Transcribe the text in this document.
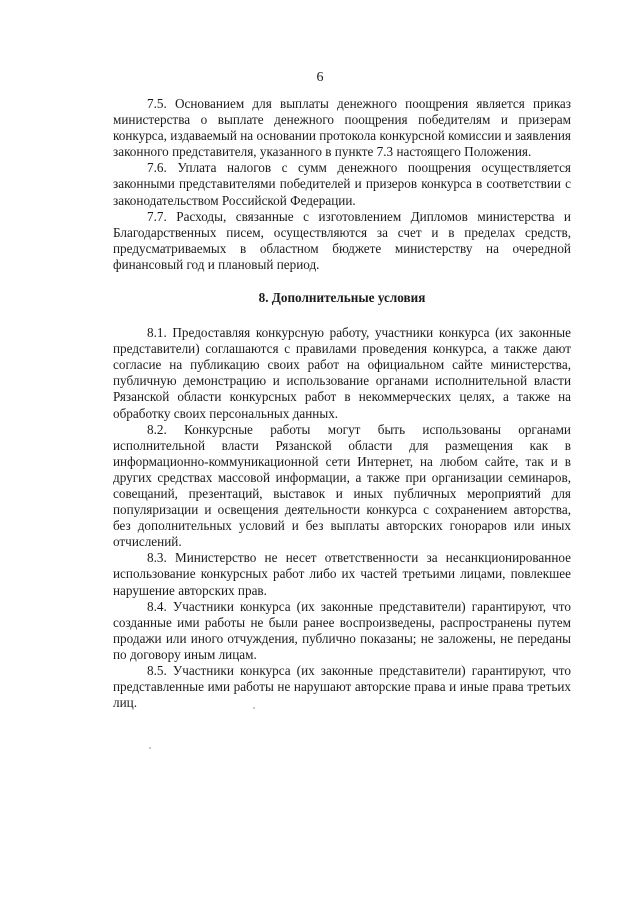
6

7.5. Основанием для выплаты денежного поощрения является приказ министерства о выплате денежного поощрения победителям и призерам конкурса, издаваемый на основании протокола конкурсной комиссии и заявления законного представителя, указанного в пункте 7.3 настоящего Положения.

7.6. Уплата налогов с сумм денежного поощрения осуществляется законными представителями победителей и призеров конкурса в соответствии с законодательством Российской Федерации.

7.7. Расходы, связанные с изготовлением Дипломов министерства и Благодарственных писем, осуществляются за счет и в пределах средств, предусматриваемых в областном бюджете министерству на очередной финансовый год и плановый период.

8. Дополнительные условия

8.1. Предоставляя конкурсную работу, участники конкурса (их законные представители) соглашаются с правилами проведения конкурса, а также дают согласие на публикацию своих работ на официальном сайте министерства, публичную демонстрацию и использование органами исполнительной власти Рязанской области конкурсных работ в некоммерческих целях, а также на обработку своих персональных данных.

8.2. Конкурсные работы могут быть использованы органами исполнительной власти Рязанской области для размещения как в информационно-коммуникационной сети Интернет, на любом сайте, так и в других средствах массовой информации, а также при организации семинаров, совещаний, презентаций, выставок и иных публичных мероприятий для популяризации и освещения деятельности конкурса с сохранением авторства, без дополнительных условий и без выплаты авторских гонораров или иных отчислений.

8.3. Министерство не несет ответственности за несанкционированное использование конкурсных работ либо их частей третьими лицами, повлекшее нарушение авторских прав.

8.4. Участники конкурса (их законные представители) гарантируют, что созданные ими работы не были ранее воспроизведены, распространены путем продажи или иного отчуждения, публично показаны; не заложены, не переданы по договору иным лицам.

8.5. Участники конкурса (их законные представители) гарантируют, что представленные ими работы не нарушают авторские права и иные права третьих лиц.
